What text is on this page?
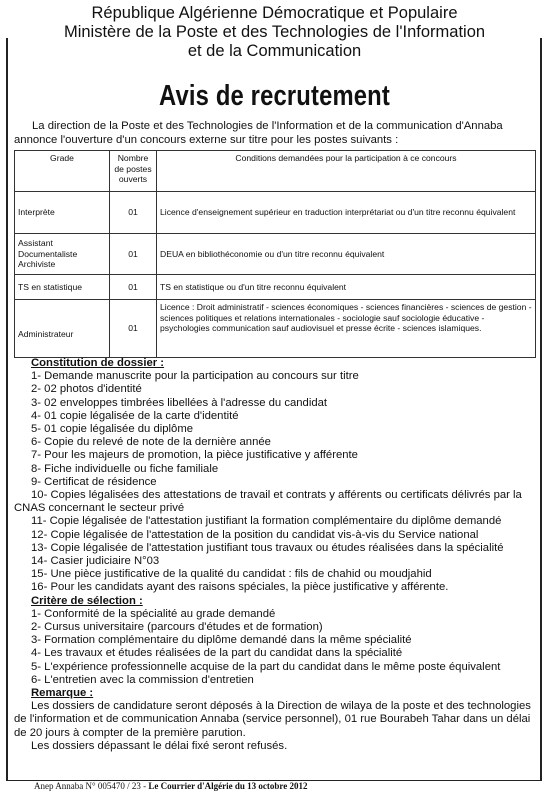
République Algérienne Démocratique et Populaire
Ministère de la Poste et des Technologies de l'Information
et de la Communication
Avis de recrutement
La direction de la Poste et des Technologies de l'Information et de la communication d'Annaba
annonce l'ouverture d'un concours externe sur titre pour les postes suivants :
Grade	Nombre de postes ouverts	Conditions demandées pour la participation à ce concours
Interprète	01	Licence d'enseignement supérieur en traduction interprétariat ou d'un titre reconnu équivalent
Assistant Documentaliste Archiviste	01	DEUA en bibliothéconomie ou d'un titre reconnu équivalent
TS en statistique	01	TS en statistique ou d'un titre reconnu équivalent
Administrateur	01	Licence : Droit administratif - sciences économiques - sciences financières - sciences de gestion - sciences politiques et relations internationales - sociologie sauf sociologie éducative - psychologies communication sauf audiovisuel et presse écrite - sciences islamiques.
Constitution de dossier :
1- Demande manuscrite pour la participation au concours sur titre
2- 02 photos d'identité
3- 02 enveloppes timbrées libellées à l'adresse du candidat
4- 01 copie légalisée de la carte d'identité
5- 01 copie légalisée du diplôme
6- Copie du relevé de note de la dernière année
7- Pour les majeurs de promotion, la pièce justificative y afférente
8- Fiche individuelle ou fiche familiale
9- Certificat de résidence
10- Copies légalisées des attestations de travail et contrats y afférents ou certificats délivrés par la CNAS concernant le secteur privé
11- Copie légalisée de l'attestation justifiant la formation complémentaire du diplôme demandé
12- Copie légalisée de l'attestation de la position du candidat vis-à-vis du Service national
13- Copie légalisée de l'attestation justifiant tous travaux ou études réalisées dans la spécialité
14- Casier judiciaire N°03
15- Une pièce justificative de la qualité du candidat : fils de chahid ou moudjahid
16- Pour les candidats ayant des raisons spéciales, la pièce justificative y afférente.
Critère de sélection :
1- Conformité de la spécialité au grade demandé
2- Cursus universitaire (parcours d'études et de formation)
3- Formation complémentaire du diplôme demandé dans la même spécialité
4- Les travaux et études réalisées de la part du candidat dans la spécialité
5- L'expérience professionnelle acquise de la part du candidat dans le même poste équivalent
6- L'entretien avec la commission d'entretien
Remarque :
Les dossiers de candidature seront déposés à la Direction de wilaya de la poste et des technologies de l'information et de communication Annaba (service personnel), 01 rue Bourabeh Tahar dans un délai de 20 jours à compter de la première parution.
Les dossiers dépassant le délai fixé seront refusés.
Anep Annaba N° 005470 / 23 - Le Courrier d'Algérie du 13 octobre 2012
